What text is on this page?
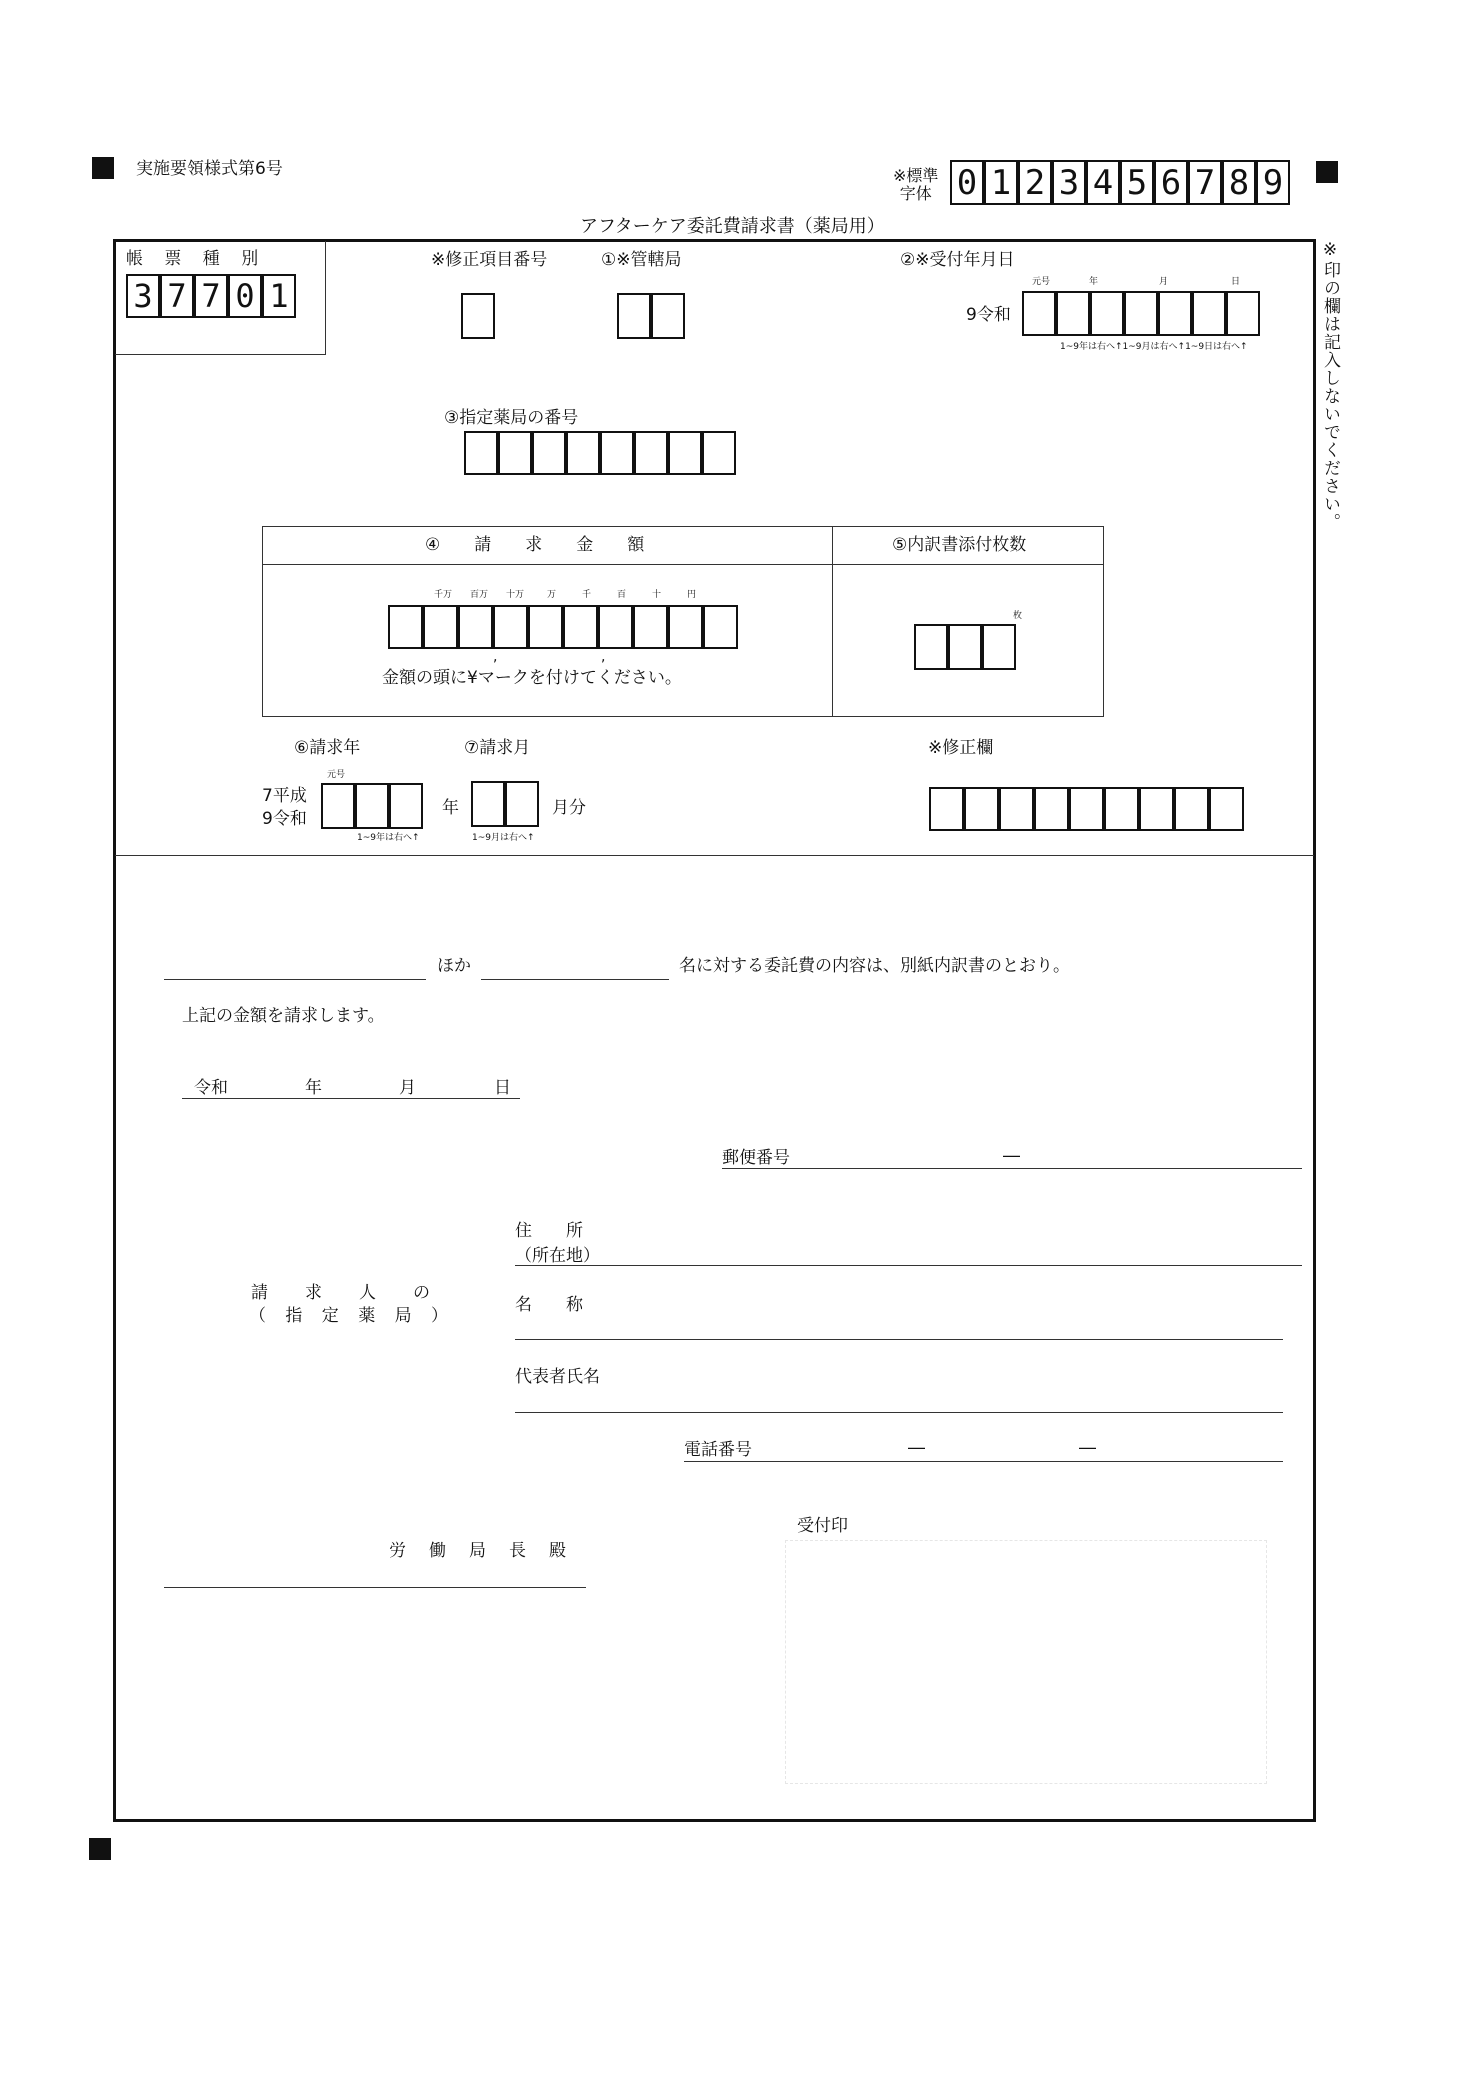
実施要領様式第6号	※標準
字体 0 1 2 3 4 5 6 7 8 9
アフターケア委託費請求書（薬局用）
※印の欄は記入しないでください。
帳 票 種 別
3 7 7 0 1
※修正項目番号	①※管轄局	②※受付年月日
元号	年	月	日
9令和
1~9年は右へ↑1~9月は右へ↑1~9日は右へ↑
③指定薬局の番号
④　　請　　求　　金　　額	⑤内訳書添付枚数
千万 百万 十万	万	千	百	十	円
,	,
金額の頭に¥マークを付けてください。
枚
⑥請求年	⑦請求月	※修正欄
元号
7平成
9令和
1~9年は右へ↑
年
1~9月は右へ↑
月分
ほか	名に対する委託費の内容は、別紙内訳書のとおり。
上記の金額を請求します。
令和	年	月	日
郵便番号	―
住　　所
（所在地）
請　求　人　の
（ 指 定 薬 局 ）
名　　称
代表者氏名
電話番号	―	―
受付印
労　働　局　長　殿
